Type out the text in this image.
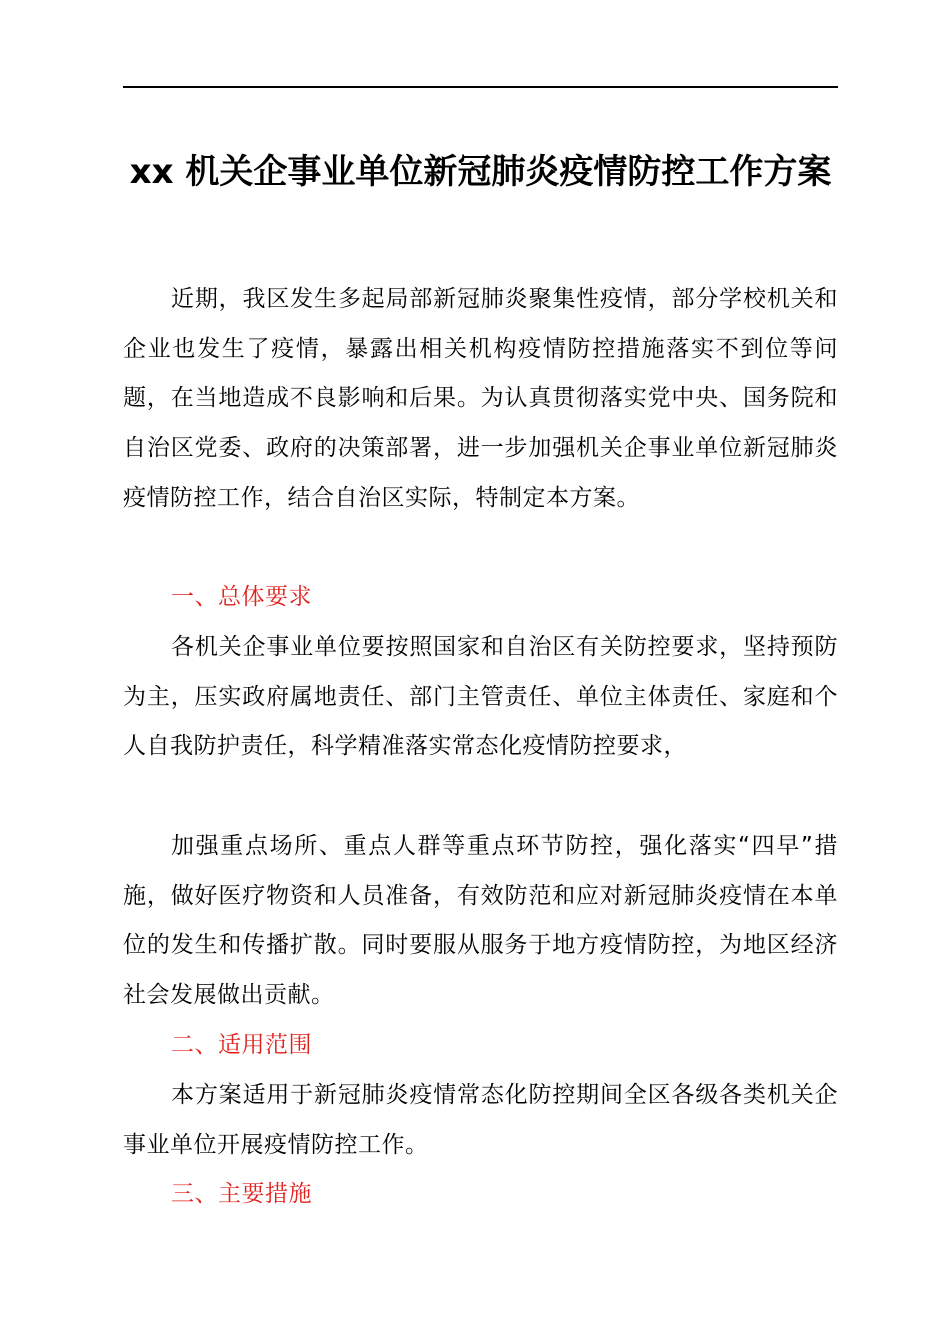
xx 机关企事业单位新冠肺炎疫情防控工作方案

近期，我区发生多起局部新冠肺炎聚集性疫情，部分学校机关和企业也发生了疫情，暴露出相关机构疫情防控措施落实不到位等问题，在当地造成不良影响和后果。为认真贯彻落实党中央、国务院和自治区党委、政府的决策部署，进一步加强机关企事业单位新冠肺炎疫情防控工作，结合自治区实际，特制定本方案。

一、总体要求

各机关企事业单位要按照国家和自治区有关防控要求，坚持预防为主，压实政府属地责任、部门主管责任、单位主体责任、家庭和个人自我防护责任，科学精准落实常态化疫情防控要求，

加强重点场所、重点人群等重点环节防控，强化落实“四早”措施，做好医疗物资和人员准备，有效防范和应对新冠肺炎疫情在本单位的发生和传播扩散。同时要服从服务于地方疫情防控，为地区经济社会发展做出贡献。

二、适用范围

本方案适用于新冠肺炎疫情常态化防控期间全区各级各类机关企事业单位开展疫情防控工作。

三、主要措施
